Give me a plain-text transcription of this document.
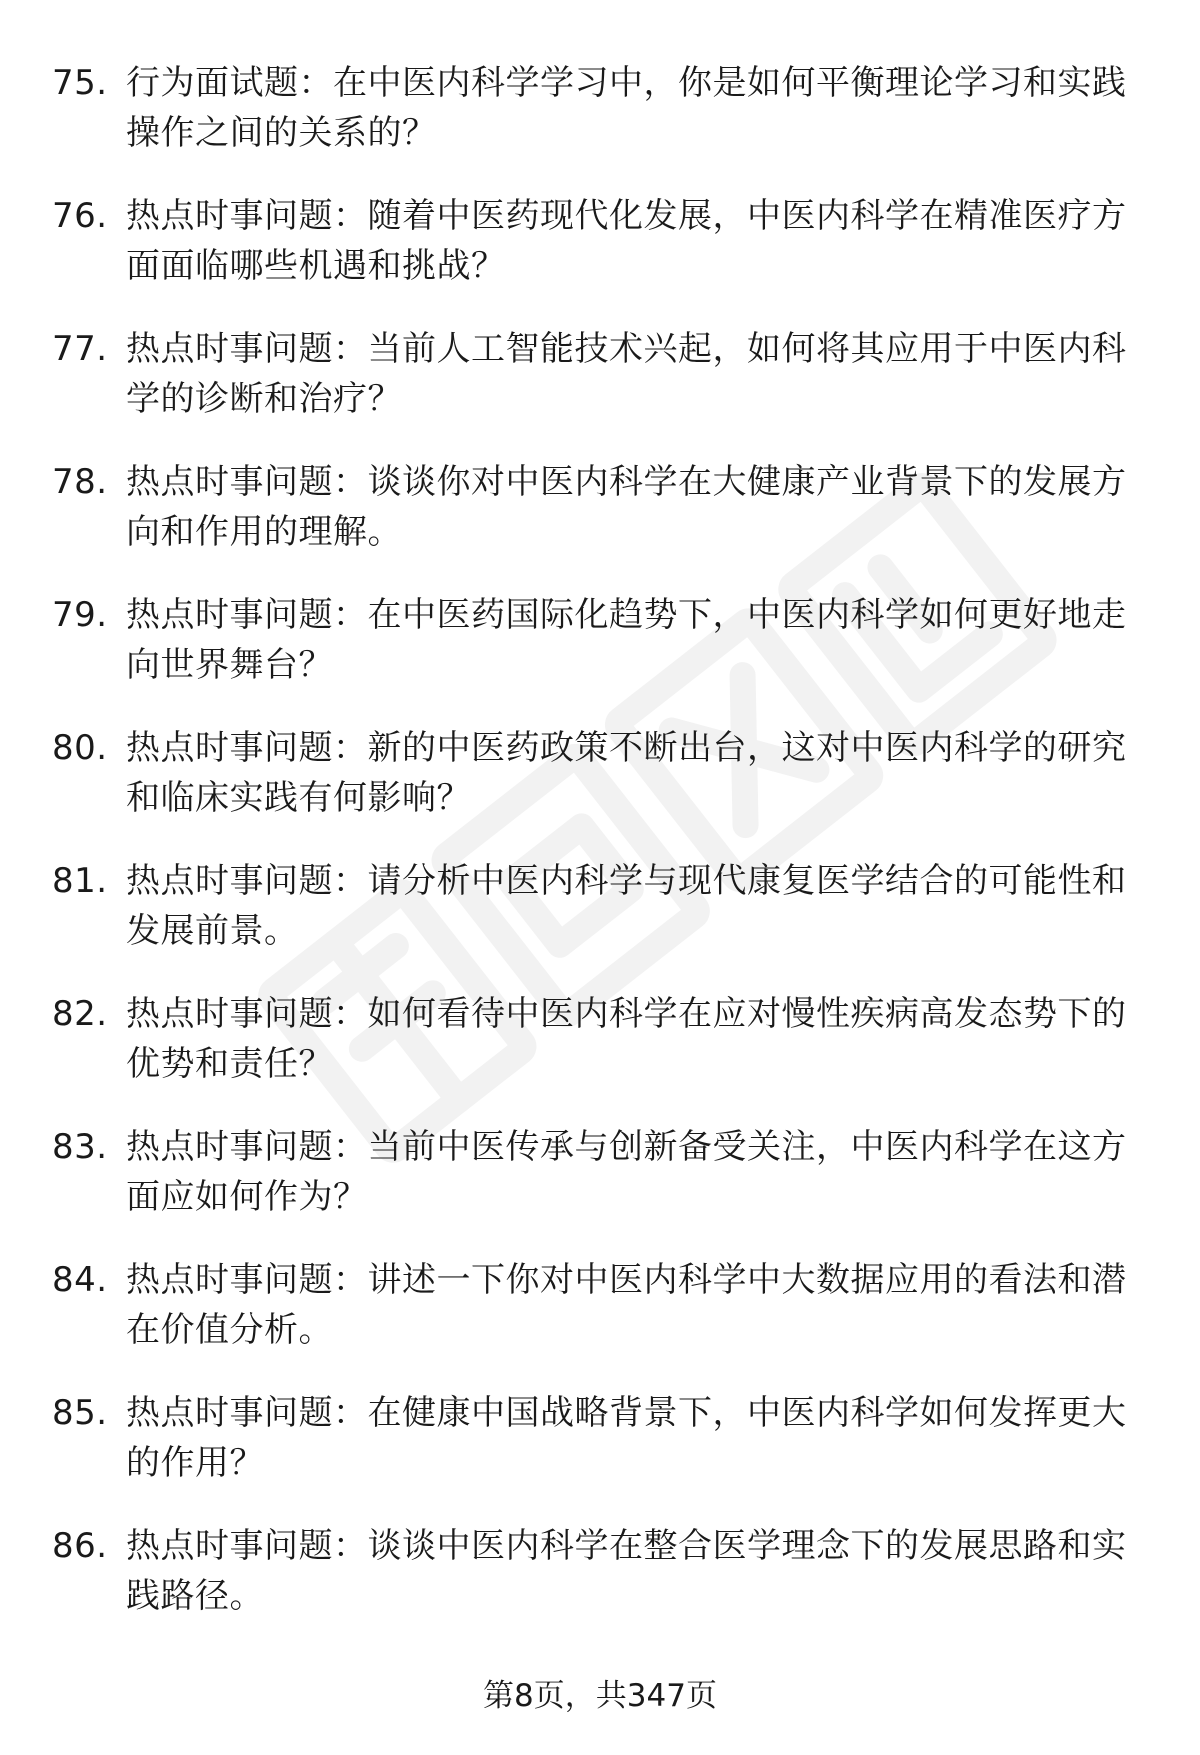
75. 行为面试题：在中医内科学学习中，你是如何平衡理论学习和实践操作之间的关系的？
76. 热点时事问题：随着中医药现代化发展，中医内科学在精准医疗方面面临哪些机遇和挑战？
77. 热点时事问题：当前人工智能技术兴起，如何将其应用于中医内科学的诊断和治疗？
78. 热点时事问题：谈谈你对中医内科学在大健康产业背景下的发展方向和作用的理解。
79. 热点时事问题：在中医药国际化趋势下，中医内科学如何更好地走向世界舞台？
80. 热点时事问题：新的中医药政策不断出台，这对中医内科学的研究和临床实践有何影响？
81. 热点时事问题：请分析中医内科学与现代康复医学结合的可能性和发展前景。
82. 热点时事问题：如何看待中医内科学在应对慢性疾病高发态势下的优势和责任？
83. 热点时事问题：当前中医传承与创新备受关注，中医内科学在这方面应如何作为？
84. 热点时事问题：讲述一下你对中医内科学中大数据应用的看法和潜在价值分析。
85. 热点时事问题：在健康中国战略背景下，中医内科学如何发挥更大的作用？
86. 热点时事问题：谈谈中医内科学在整合医学理念下的发展思路和实践路径。
第8页，共347页
